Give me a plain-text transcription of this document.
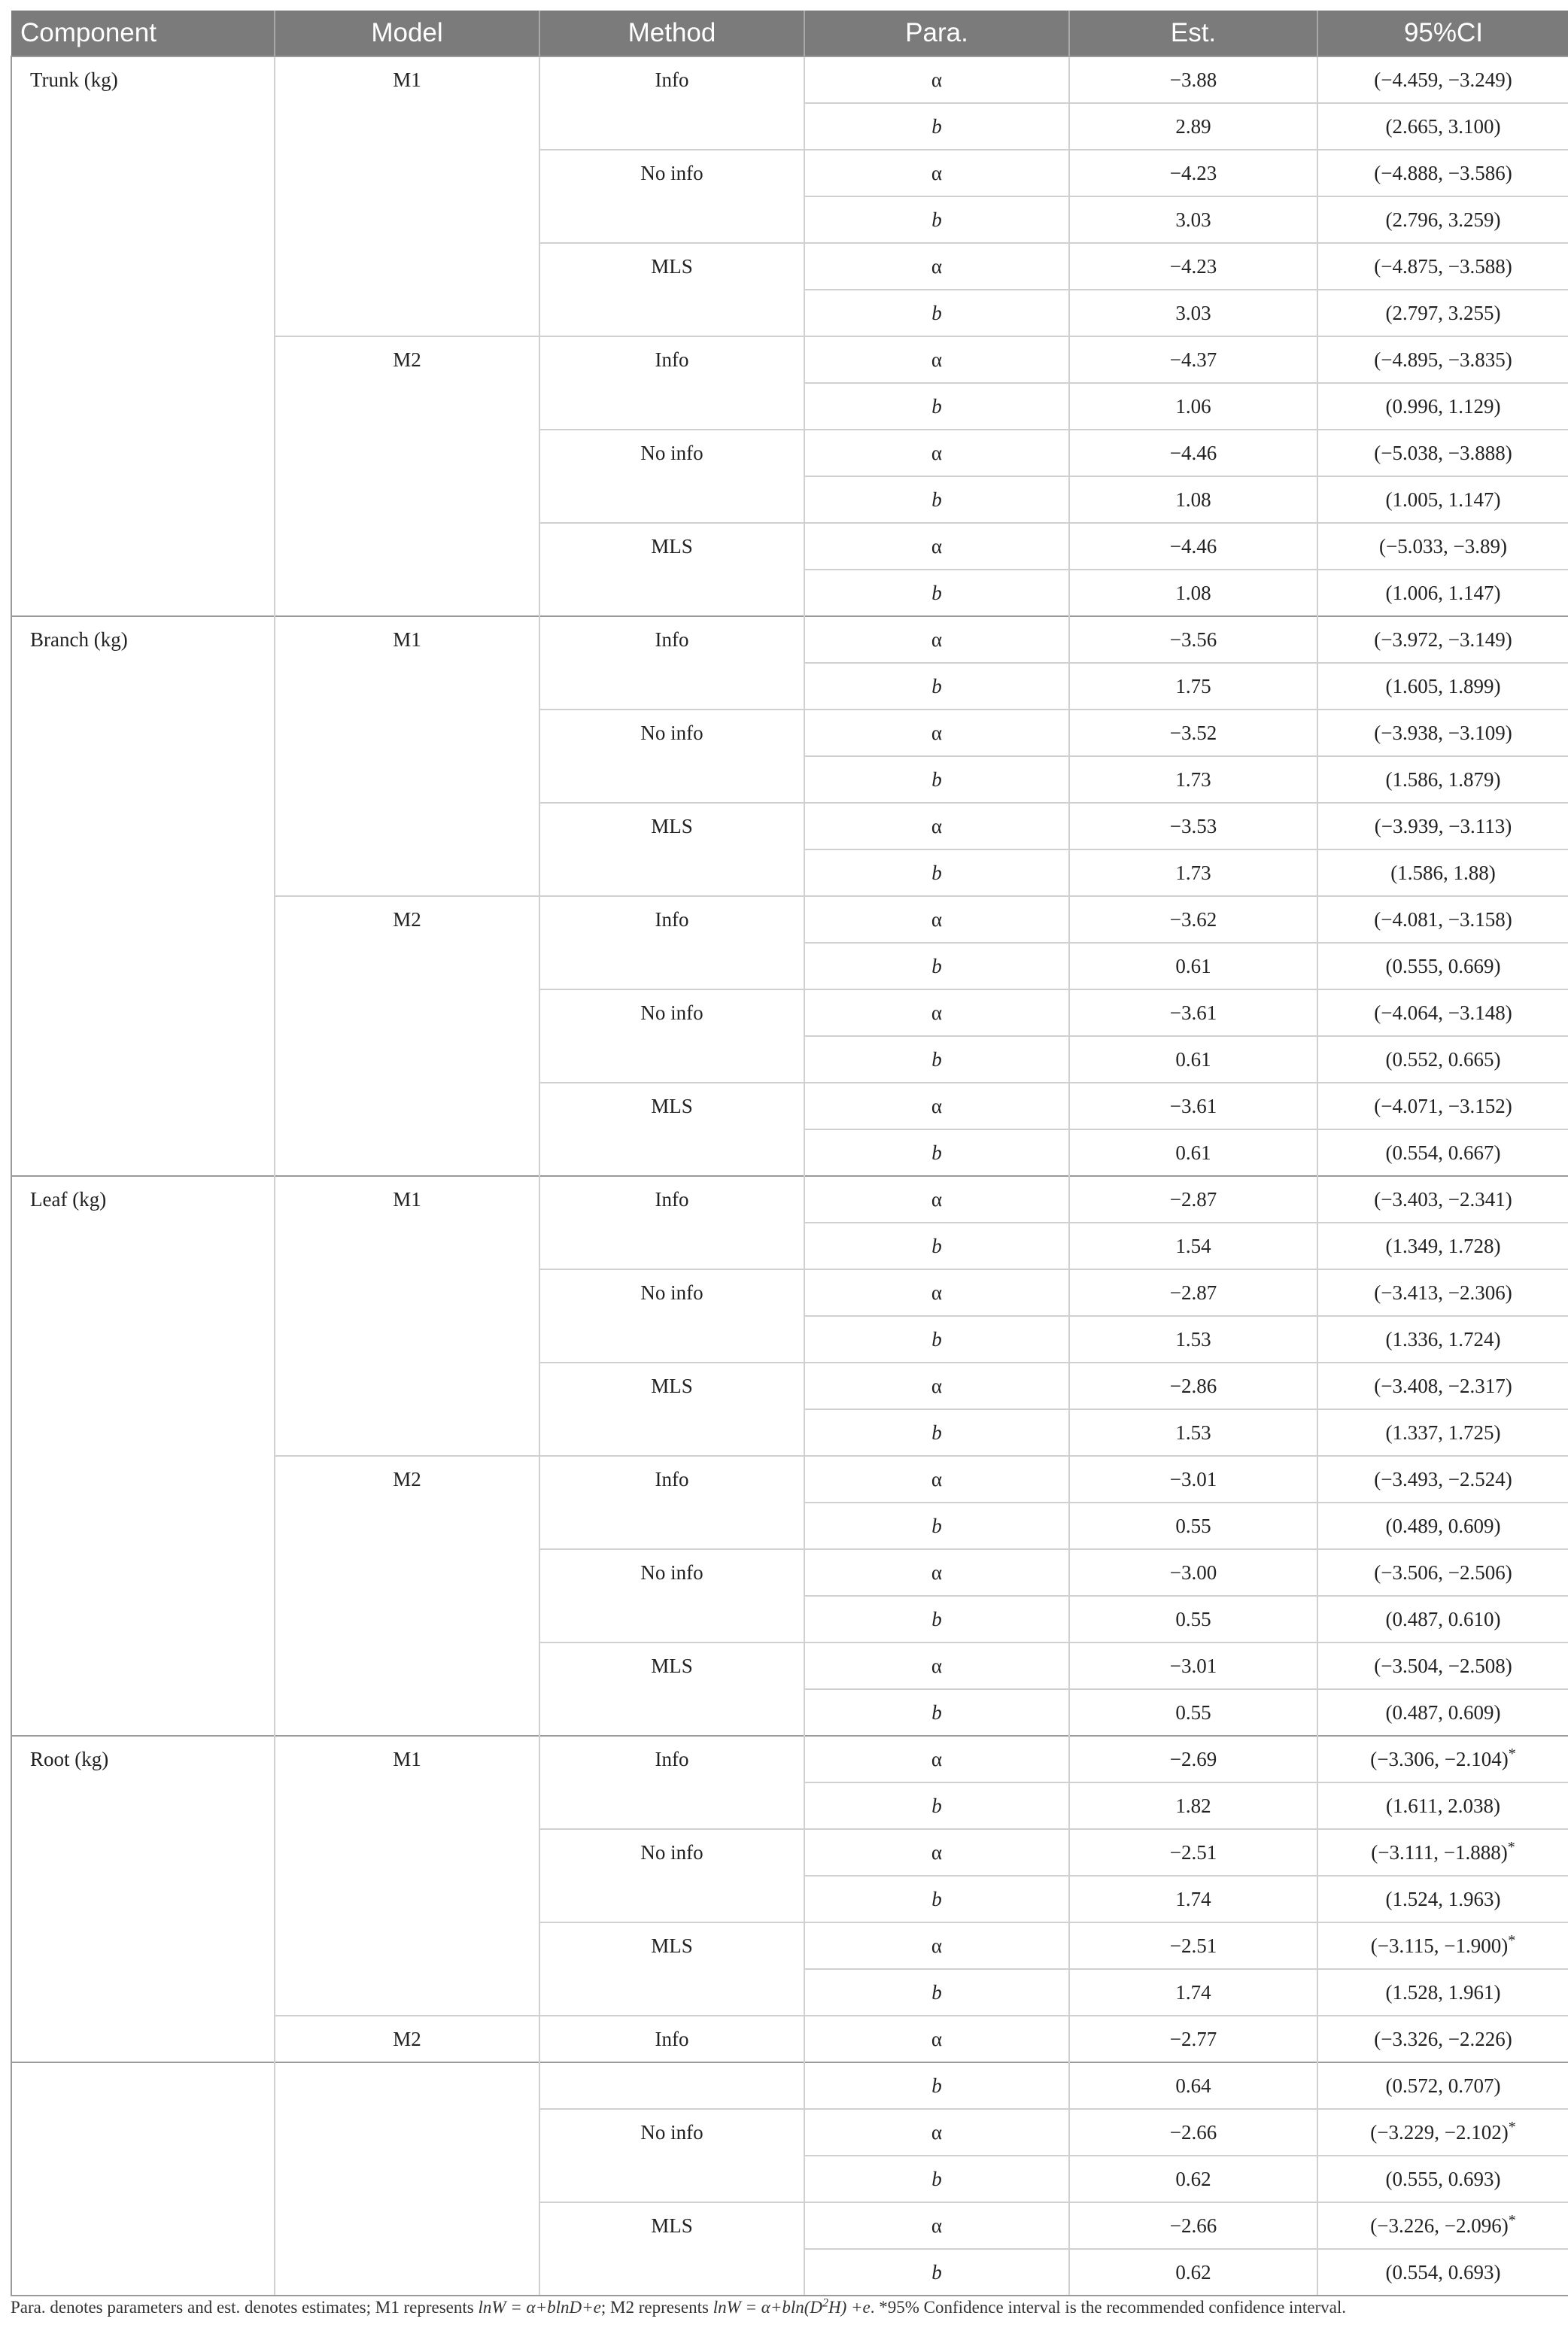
Component	Model	Method	Para.	Est.	95%CI
Trunk (kg)	M1	Info	α	−3.88	(−4.459, −3.249)
			b	2.89	(2.665, 3.100)
		No info	α	−4.23	(−4.888, −3.586)
			b	3.03	(2.796, 3.259)
		MLS	α	−4.23	(−4.875, −3.588)
			b	3.03	(2.797, 3.255)
	M2	Info	α	−4.37	(−4.895, −3.835)
			b	1.06	(0.996, 1.129)
		No info	α	−4.46	(−5.038, −3.888)
			b	1.08	(1.005, 1.147)
		MLS	α	−4.46	(−5.033, −3.89)
			b	1.08	(1.006, 1.147)
Branch (kg)	M1	Info	α	−3.56	(−3.972, −3.149)
			b	1.75	(1.605, 1.899)
		No info	α	−3.52	(−3.938, −3.109)
			b	1.73	(1.586, 1.879)
		MLS	α	−3.53	(−3.939, −3.113)
			b	1.73	(1.586, 1.88)
	M2	Info	α	−3.62	(−4.081, −3.158)
			b	0.61	(0.555, 0.669)
		No info	α	−3.61	(−4.064, −3.148)
			b	0.61	(0.552, 0.665)
		MLS	α	−3.61	(−4.071, −3.152)
			b	0.61	(0.554, 0.667)
Leaf (kg)	M1	Info	α	−2.87	(−3.403, −2.341)
			b	1.54	(1.349, 1.728)
		No info	α	−2.87	(−3.413, −2.306)
			b	1.53	(1.336, 1.724)
		MLS	α	−2.86	(−3.408, −2.317)
			b	1.53	(1.337, 1.725)
	M2	Info	α	−3.01	(−3.493, −2.524)
			b	0.55	(0.489, 0.609)
		No info	α	−3.00	(−3.506, −2.506)
			b	0.55	(0.487, 0.610)
		MLS	α	−3.01	(−3.504, −2.508)
			b	0.55	(0.487, 0.609)
Root (kg)	M1	Info	α	−2.69	(−3.306, −2.104)*
			b	1.82	(1.611, 2.038)
		No info	α	−2.51	(−3.111, −1.888)*
			b	1.74	(1.524, 1.963)
		MLS	α	−2.51	(−3.115, −1.900)*
			b	1.74	(1.528, 1.961)
	M2	Info	α	−2.77	(−3.326, −2.226)
			b	0.64	(0.572, 0.707)
		No info	α	−2.66	(−3.229, −2.102)*
			b	0.62	(0.555, 0.693)
		MLS	α	−2.66	(−3.226, −2.096)*
			b	0.62	(0.554, 0.693)
Para. denotes parameters and est. denotes estimates; M1 represents lnW = α+blnD+e; M2 represents $\ln W = \alpha+bln(D^2H) +e$. *95% Confidence interval is the recommended confidence interval.
